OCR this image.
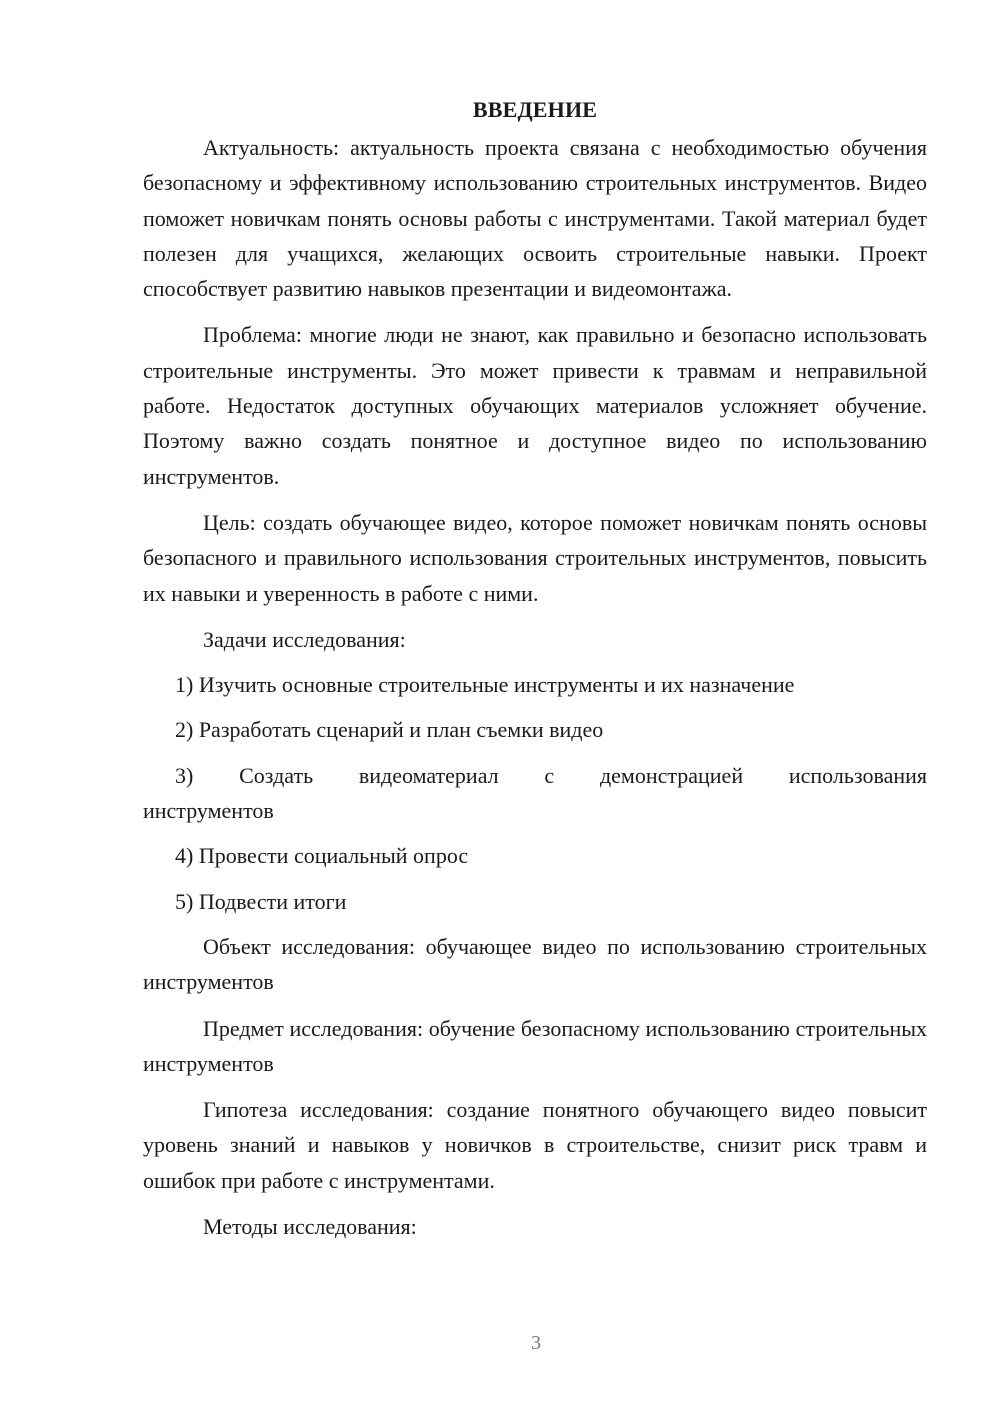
ВВЕДЕНИЕ

Актуальность: актуальность проекта связана с необходимостью обучения безопасному и эффективному использованию строительных инструментов. Видео поможет новичкам понять основы работы с инструментами. Такой материал будет полезен для учащихся, желающих освоить строительные навыки. Проект способствует развитию навыков презентации и видеомонтажа.

Проблема: многие люди не знают, как правильно и безопасно использовать строительные инструменты. Это может привести к травмам и неправильной работе. Недостаток доступных обучающих материалов усложняет обучение. Поэтому важно создать понятное и доступное видео по использованию инструментов.

Цель: создать обучающее видео, которое поможет новичкам понять основы безопасного и правильного использования строительных инструментов, повысить их навыки и уверенность в работе с ними.

Задачи исследования:

1) Изучить основные строительные инструменты и их назначение

2) Разработать сценарий и план съемки видео

3) Создать видеоматериал с демонстрацией использования инструментов

4) Провести социальный опрос

5) Подвести итоги

Объект исследования: обучающее видео по использованию строительных инструментов

Предмет исследования: обучение безопасному использованию строительных инструментов

Гипотеза исследования: создание понятного обучающего видео повысит уровень знаний и навыков у новичков в строительстве, снизит риск травм и ошибок при работе с инструментами.

Методы исследования:

3
